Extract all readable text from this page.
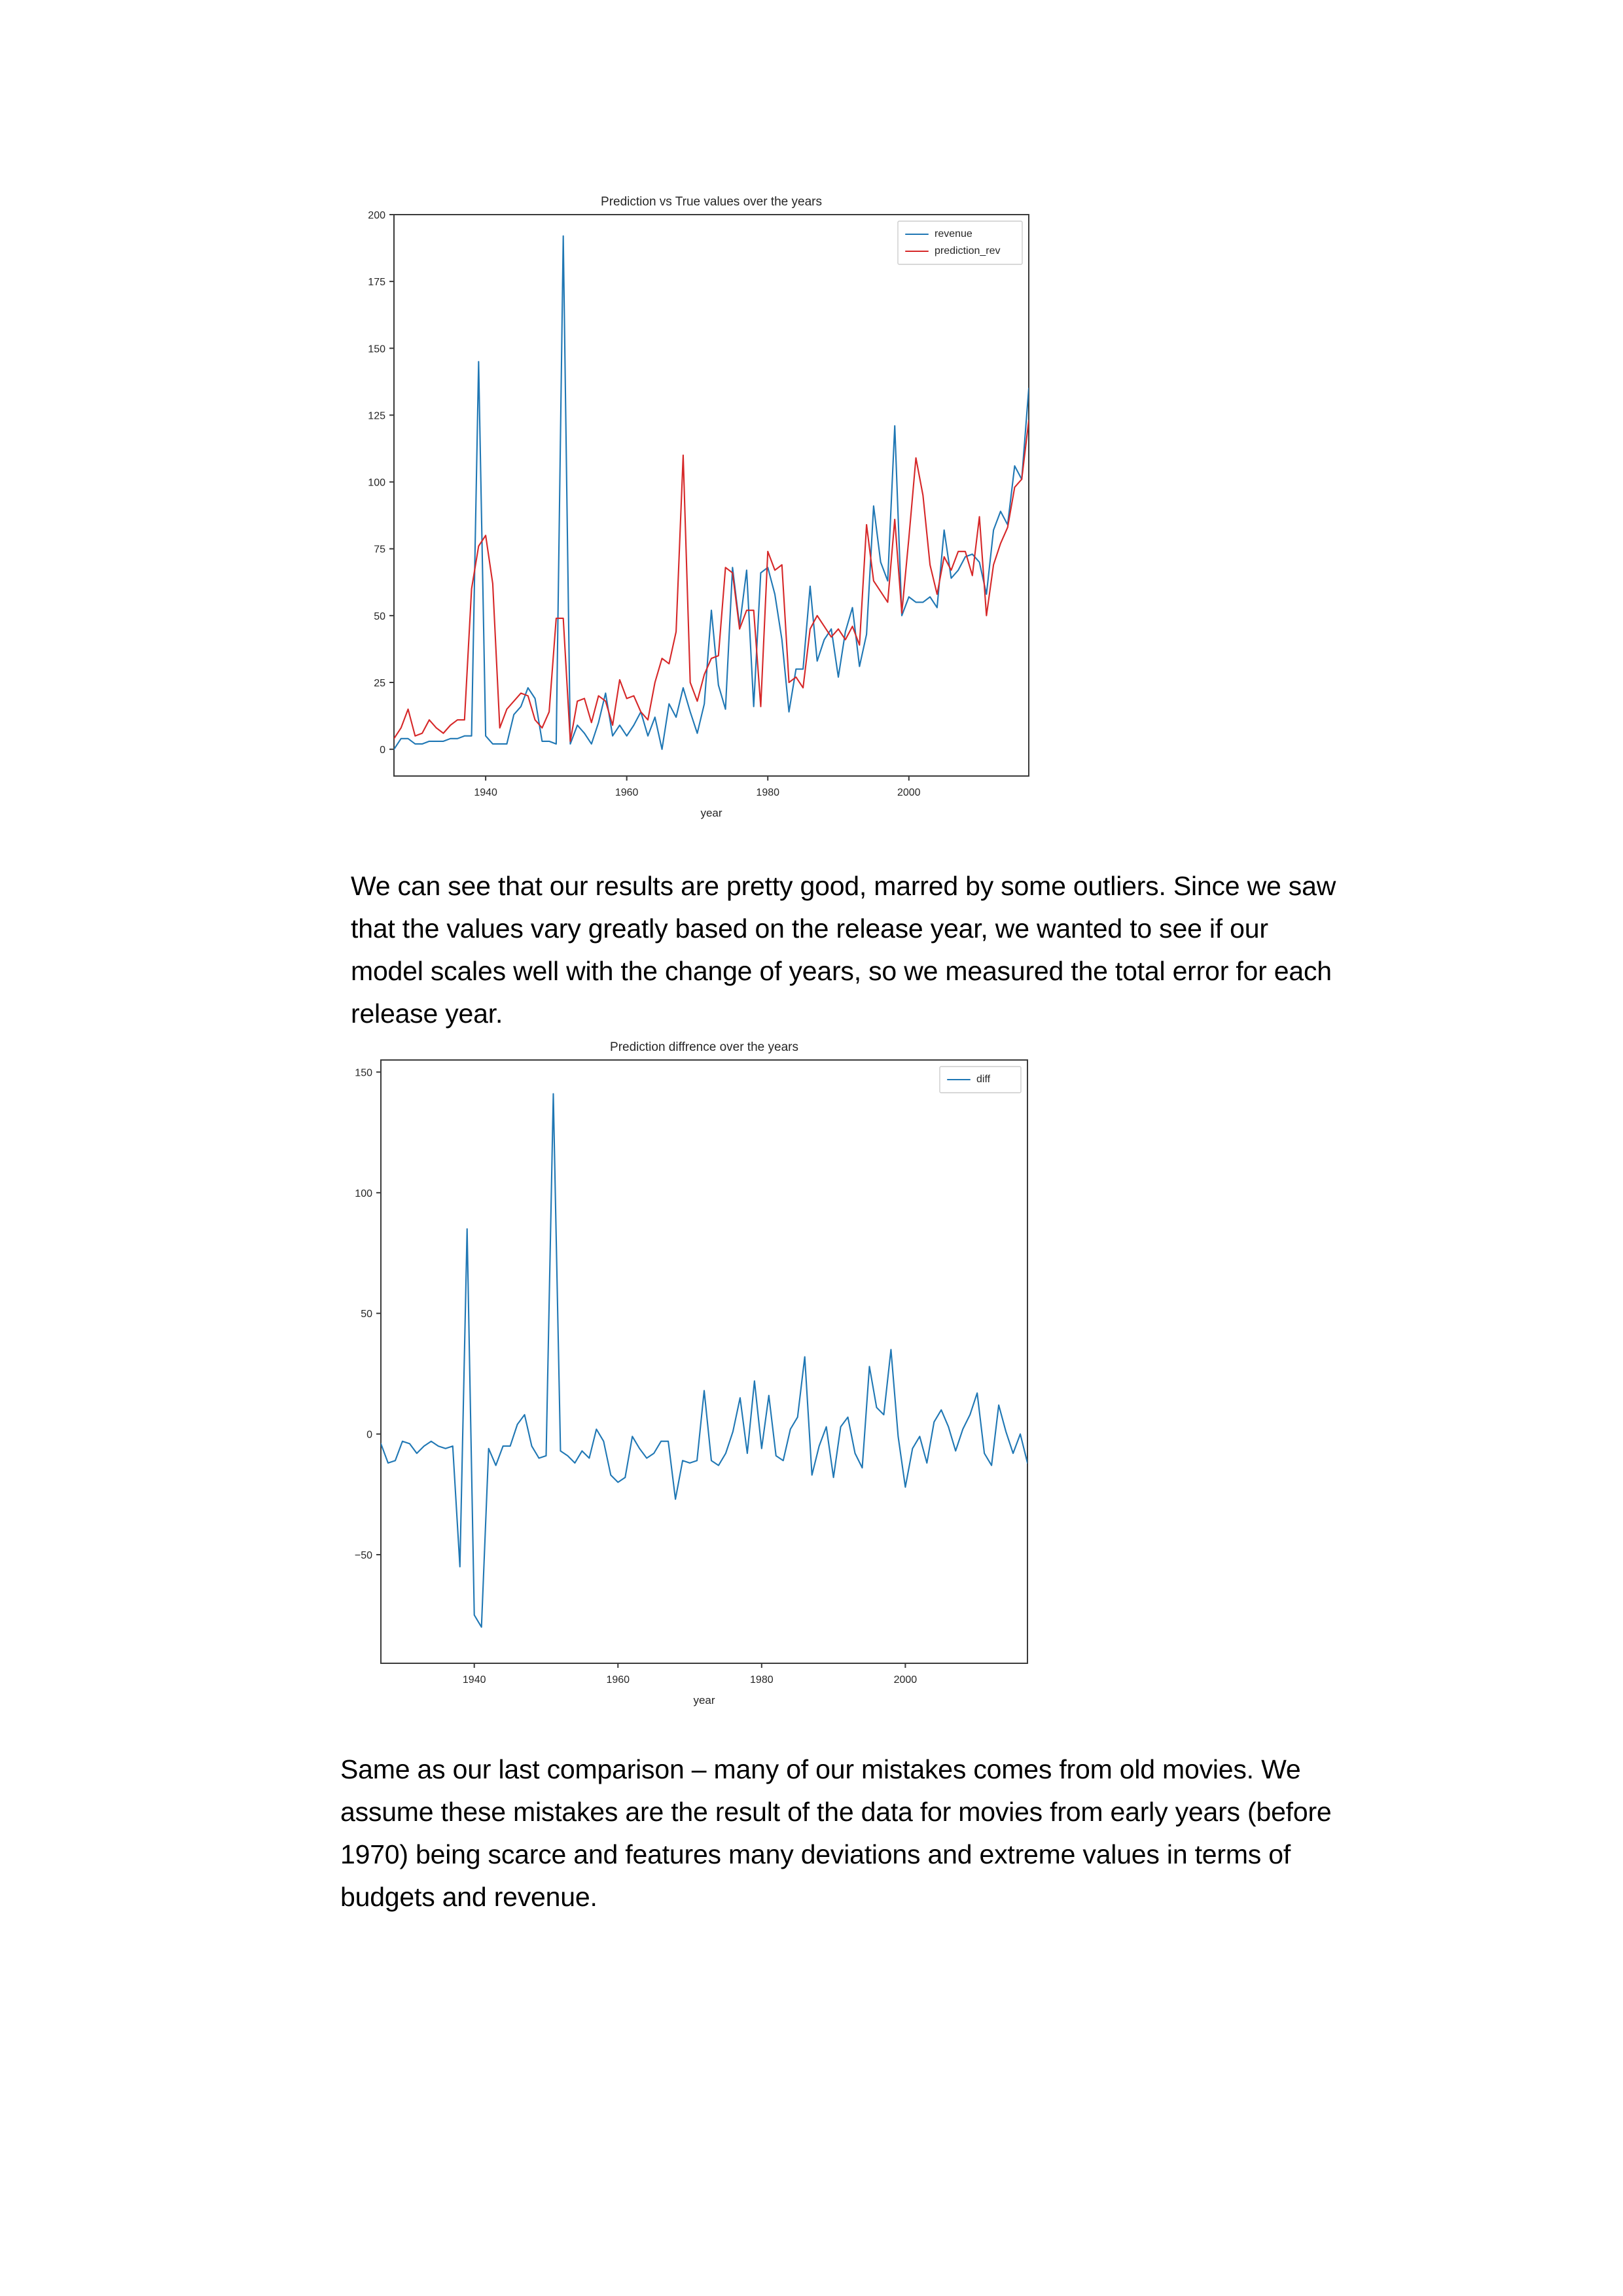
Prediction vs True values over the years
0
25
50
75
100
125
150
175
200
1940	1960	1980	2000
year
revenue
prediction_rev
We can see that our results are pretty good, marred by some outliers. Since we saw that the values vary greatly based on the release year, we wanted to see if our model scales well with the change of years, so we measured the total error for each release year.
Prediction diffrence over the years
−50
0
50
100
150
1940	1960	1980	2000
year
diff
Same as our last comparison – many of our mistakes comes from old movies. We assume these mistakes are the result of the data for movies from early years (before 1970) being scarce and features many deviations and extreme values in terms of budgets and revenue.
